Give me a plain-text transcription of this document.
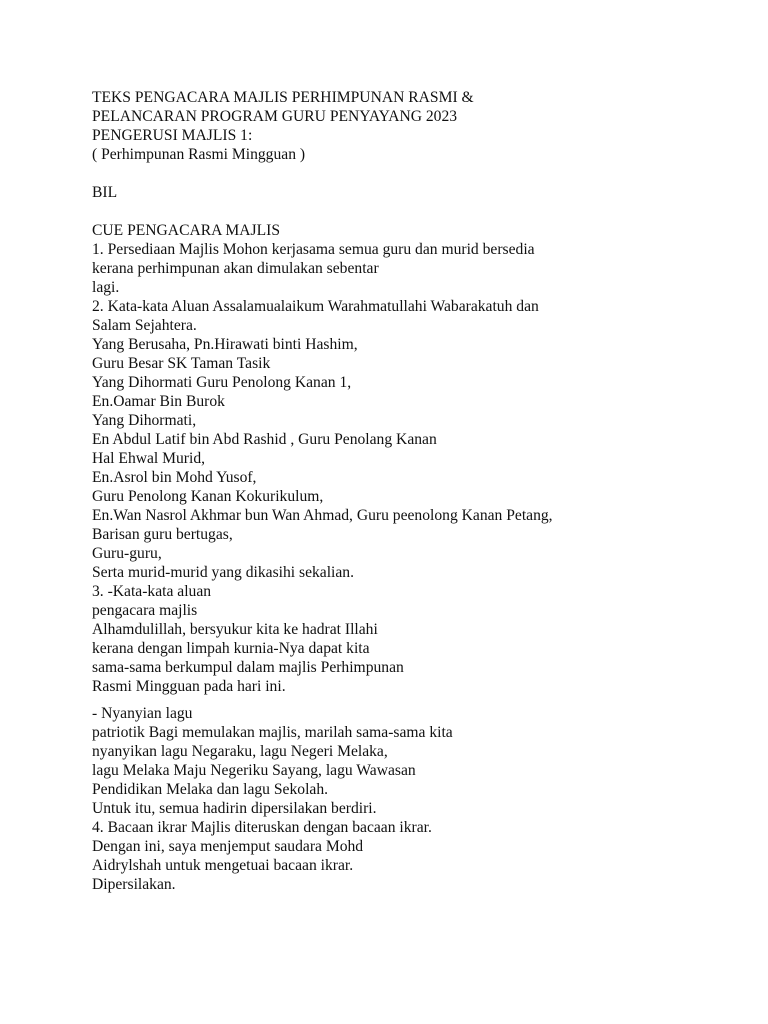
TEKS PENGACARA MAJLIS PERHIMPUNAN RASMI &
PELANCARAN PROGRAM GURU PENYAYANG 2023
PENGERUSI MAJLIS 1:
( Perhimpunan Rasmi Mingguan )
BIL
CUE PENGACARA MAJLIS
1. Persediaan Majlis Mohon kerjasama semua guru dan murid bersedia
kerana perhimpunan akan dimulakan sebentar
lagi.
2. Kata-kata Aluan Assalamualaikum Warahmatullahi Wabarakatuh dan
Salam Sejahtera.
Yang Berusaha, Pn.Hirawati binti Hashim,
Guru Besar SK Taman Tasik
Yang Dihormati Guru Penolong Kanan 1,
En.Oamar Bin Burok
Yang Dihormati,
En Abdul Latif bin Abd Rashid , Guru Penolang Kanan
Hal Ehwal Murid,
En.Asrol bin Mohd Yusof,
Guru Penolong Kanan Kokurikulum,
En.Wan Nasrol Akhmar bun Wan Ahmad, Guru peenolong Kanan Petang,
Barisan guru bertugas,
Guru-guru,
Serta murid-murid yang dikasihi sekalian.
3. -Kata-kata aluan
pengacara majlis
Alhamdulillah, bersyukur kita ke hadrat Illahi
kerana dengan limpah kurnia-Nya dapat kita
sama-sama berkumpul dalam majlis Perhimpunan
Rasmi Mingguan pada hari ini.
- Nyanyian lagu
patriotik Bagi memulakan majlis, marilah sama-sama kita
nyanyikan lagu Negaraku, lagu Negeri Melaka,
lagu Melaka Maju Negeriku Sayang, lagu Wawasan
Pendidikan Melaka dan lagu Sekolah.
Untuk itu, semua hadirin dipersilakan berdiri.
4. Bacaan ikrar Majlis diteruskan dengan bacaan ikrar.
Dengan ini, saya menjemput saudara Mohd
Aidrylshah untuk mengetuai bacaan ikrar.
Dipersilakan.
